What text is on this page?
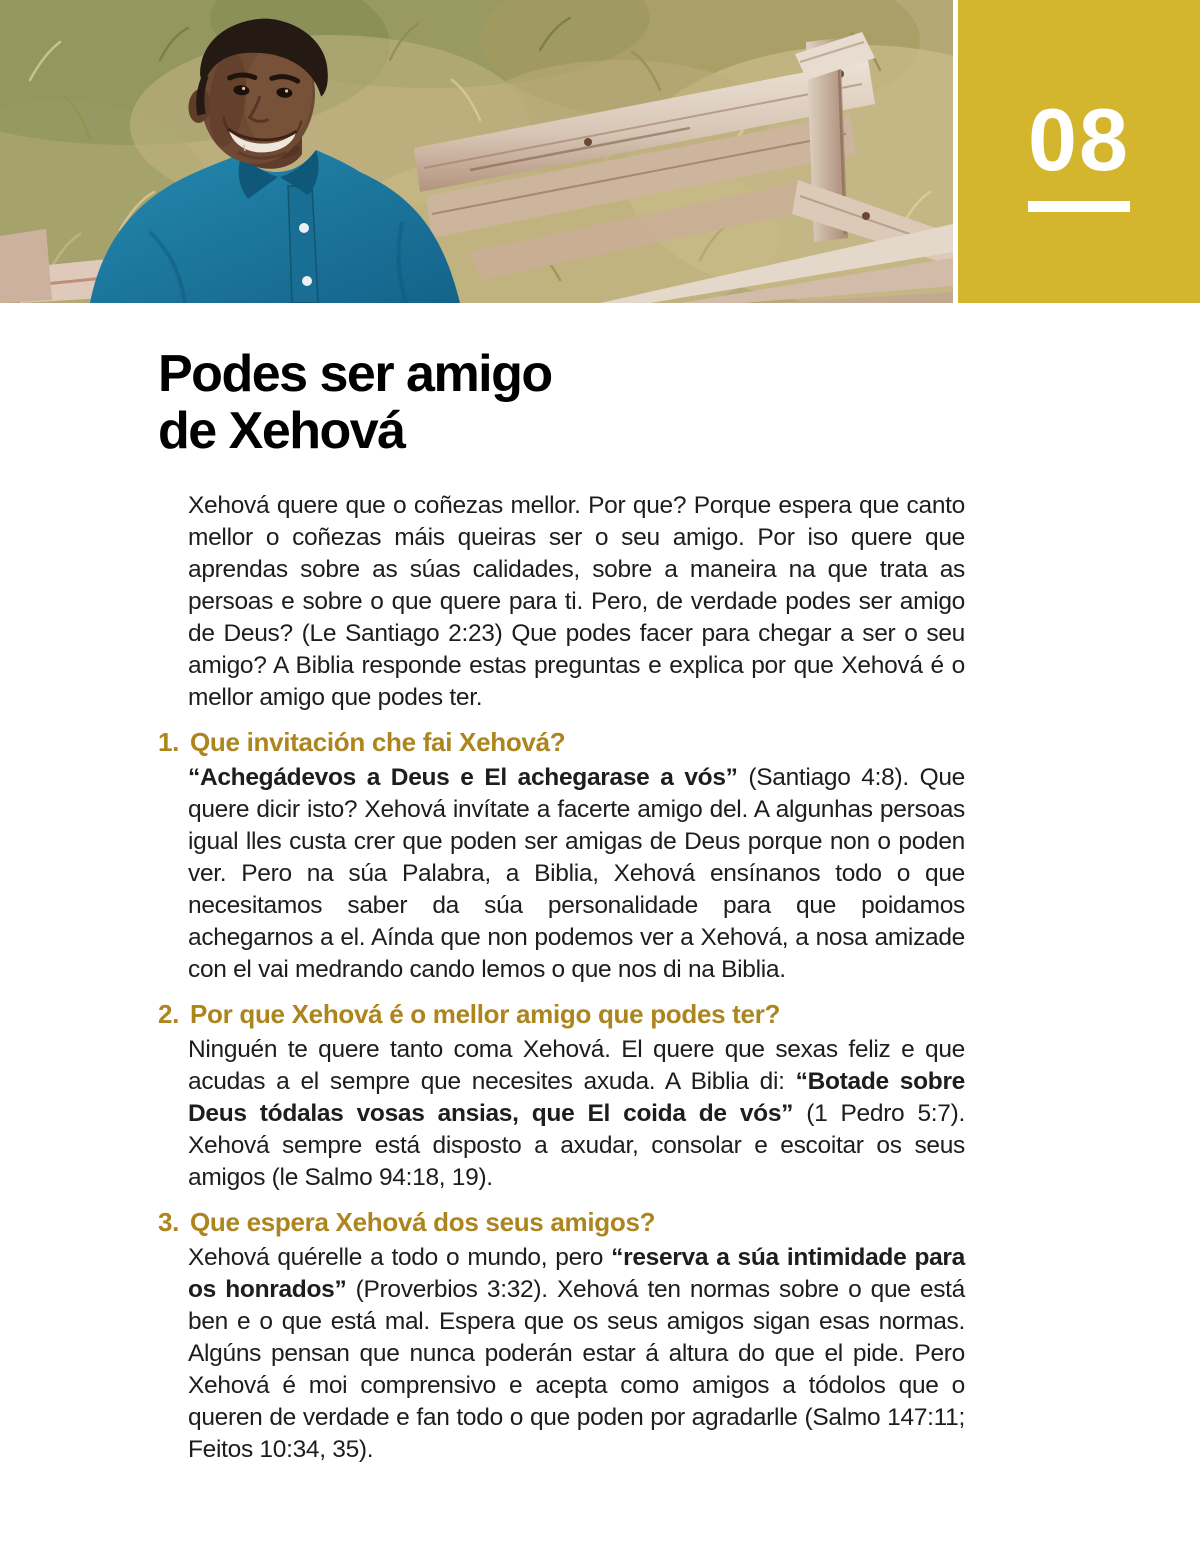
08
Podes ser amigo
de Xehová

Xehová quere que o coñezas mellor. Por que? Porque espera que canto mellor o coñezas máis queiras ser o seu amigo. Por iso quere que aprendas sobre as súas calidades, sobre a maneira na que trata as persoas e sobre o que quere para ti. Pero, de verdade podes ser amigo de Deus? (Le Santiago 2:23) Que podes facer para chegar a ser o seu amigo? A Biblia responde estas preguntas e explica por que Xehová é o mellor amigo que podes ter.

1. Que invitación che fai Xehová?

“Achegádevos a Deus e El achegarase a vós” (Santiago 4:8). Que quere dicir isto? Xehová invítate a facerte amigo del. A algunhas persoas igual lles custa crer que poden ser amigas de Deus porque non o poden ver. Pero na súa Palabra, a Biblia, Xehová ensínanos todo o que necesitamos saber da súa personalidade para que poidamos achegarnos a el. Aínda que non podemos ver a Xehová, a nosa amizade con el vai medrando cando lemos o que nos di na Biblia.

2. Por que Xehová é o mellor amigo que podes ter?

Ninguén te quere tanto coma Xehová. El quere que sexas feliz e que acudas a el sempre que necesites axuda. A Biblia di: “Botade sobre Deus tódalas vosas ansias, que El coida de vós” (1 Pedro 5:7). Xehová sempre está disposto a axudar, consolar e escoitar os seus amigos (le Salmo 94:18, 19).

3. Que espera Xehová dos seus amigos?

Xehová quérelle a todo o mundo, pero “reserva a súa intimidade para os honrados” (Proverbios 3:32). Xehová ten normas sobre o que está ben e o que está mal. Espera que os seus amigos sigan esas normas. Algúns pensan que nunca poderán estar á altura do que el pide. Pero Xehová é moi comprensivo e acepta como amigos a tódolos que o queren de verdade e fan todo o que poden por agradarlle (Salmo 147:11; Feitos 10:34, 35).
